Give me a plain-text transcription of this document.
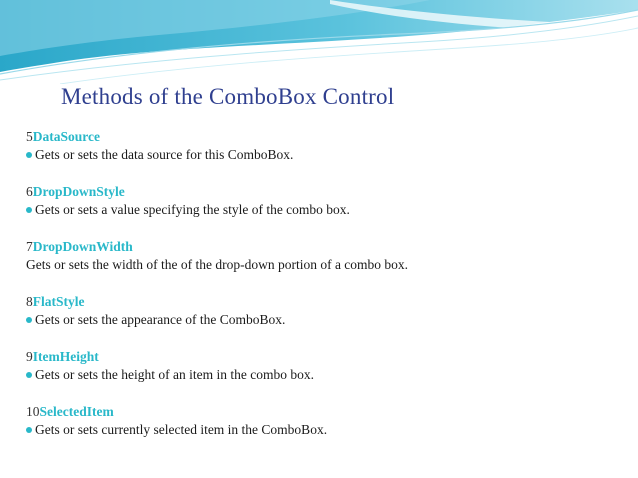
Methods of the ComboBox Control
5DataSource
Gets or sets the data source for this ComboBox.
6DropDownStyle
Gets or sets a value specifying the style of the combo box.
7DropDownWidth
Gets or sets the width of the of the drop-down portion of a combo box.
8FlatStyle
Gets or sets the appearance of the ComboBox.
9ItemHeight
Gets or sets the height of an item in the combo box.
10SelectedItem
Gets or sets currently selected item in the ComboBox.
